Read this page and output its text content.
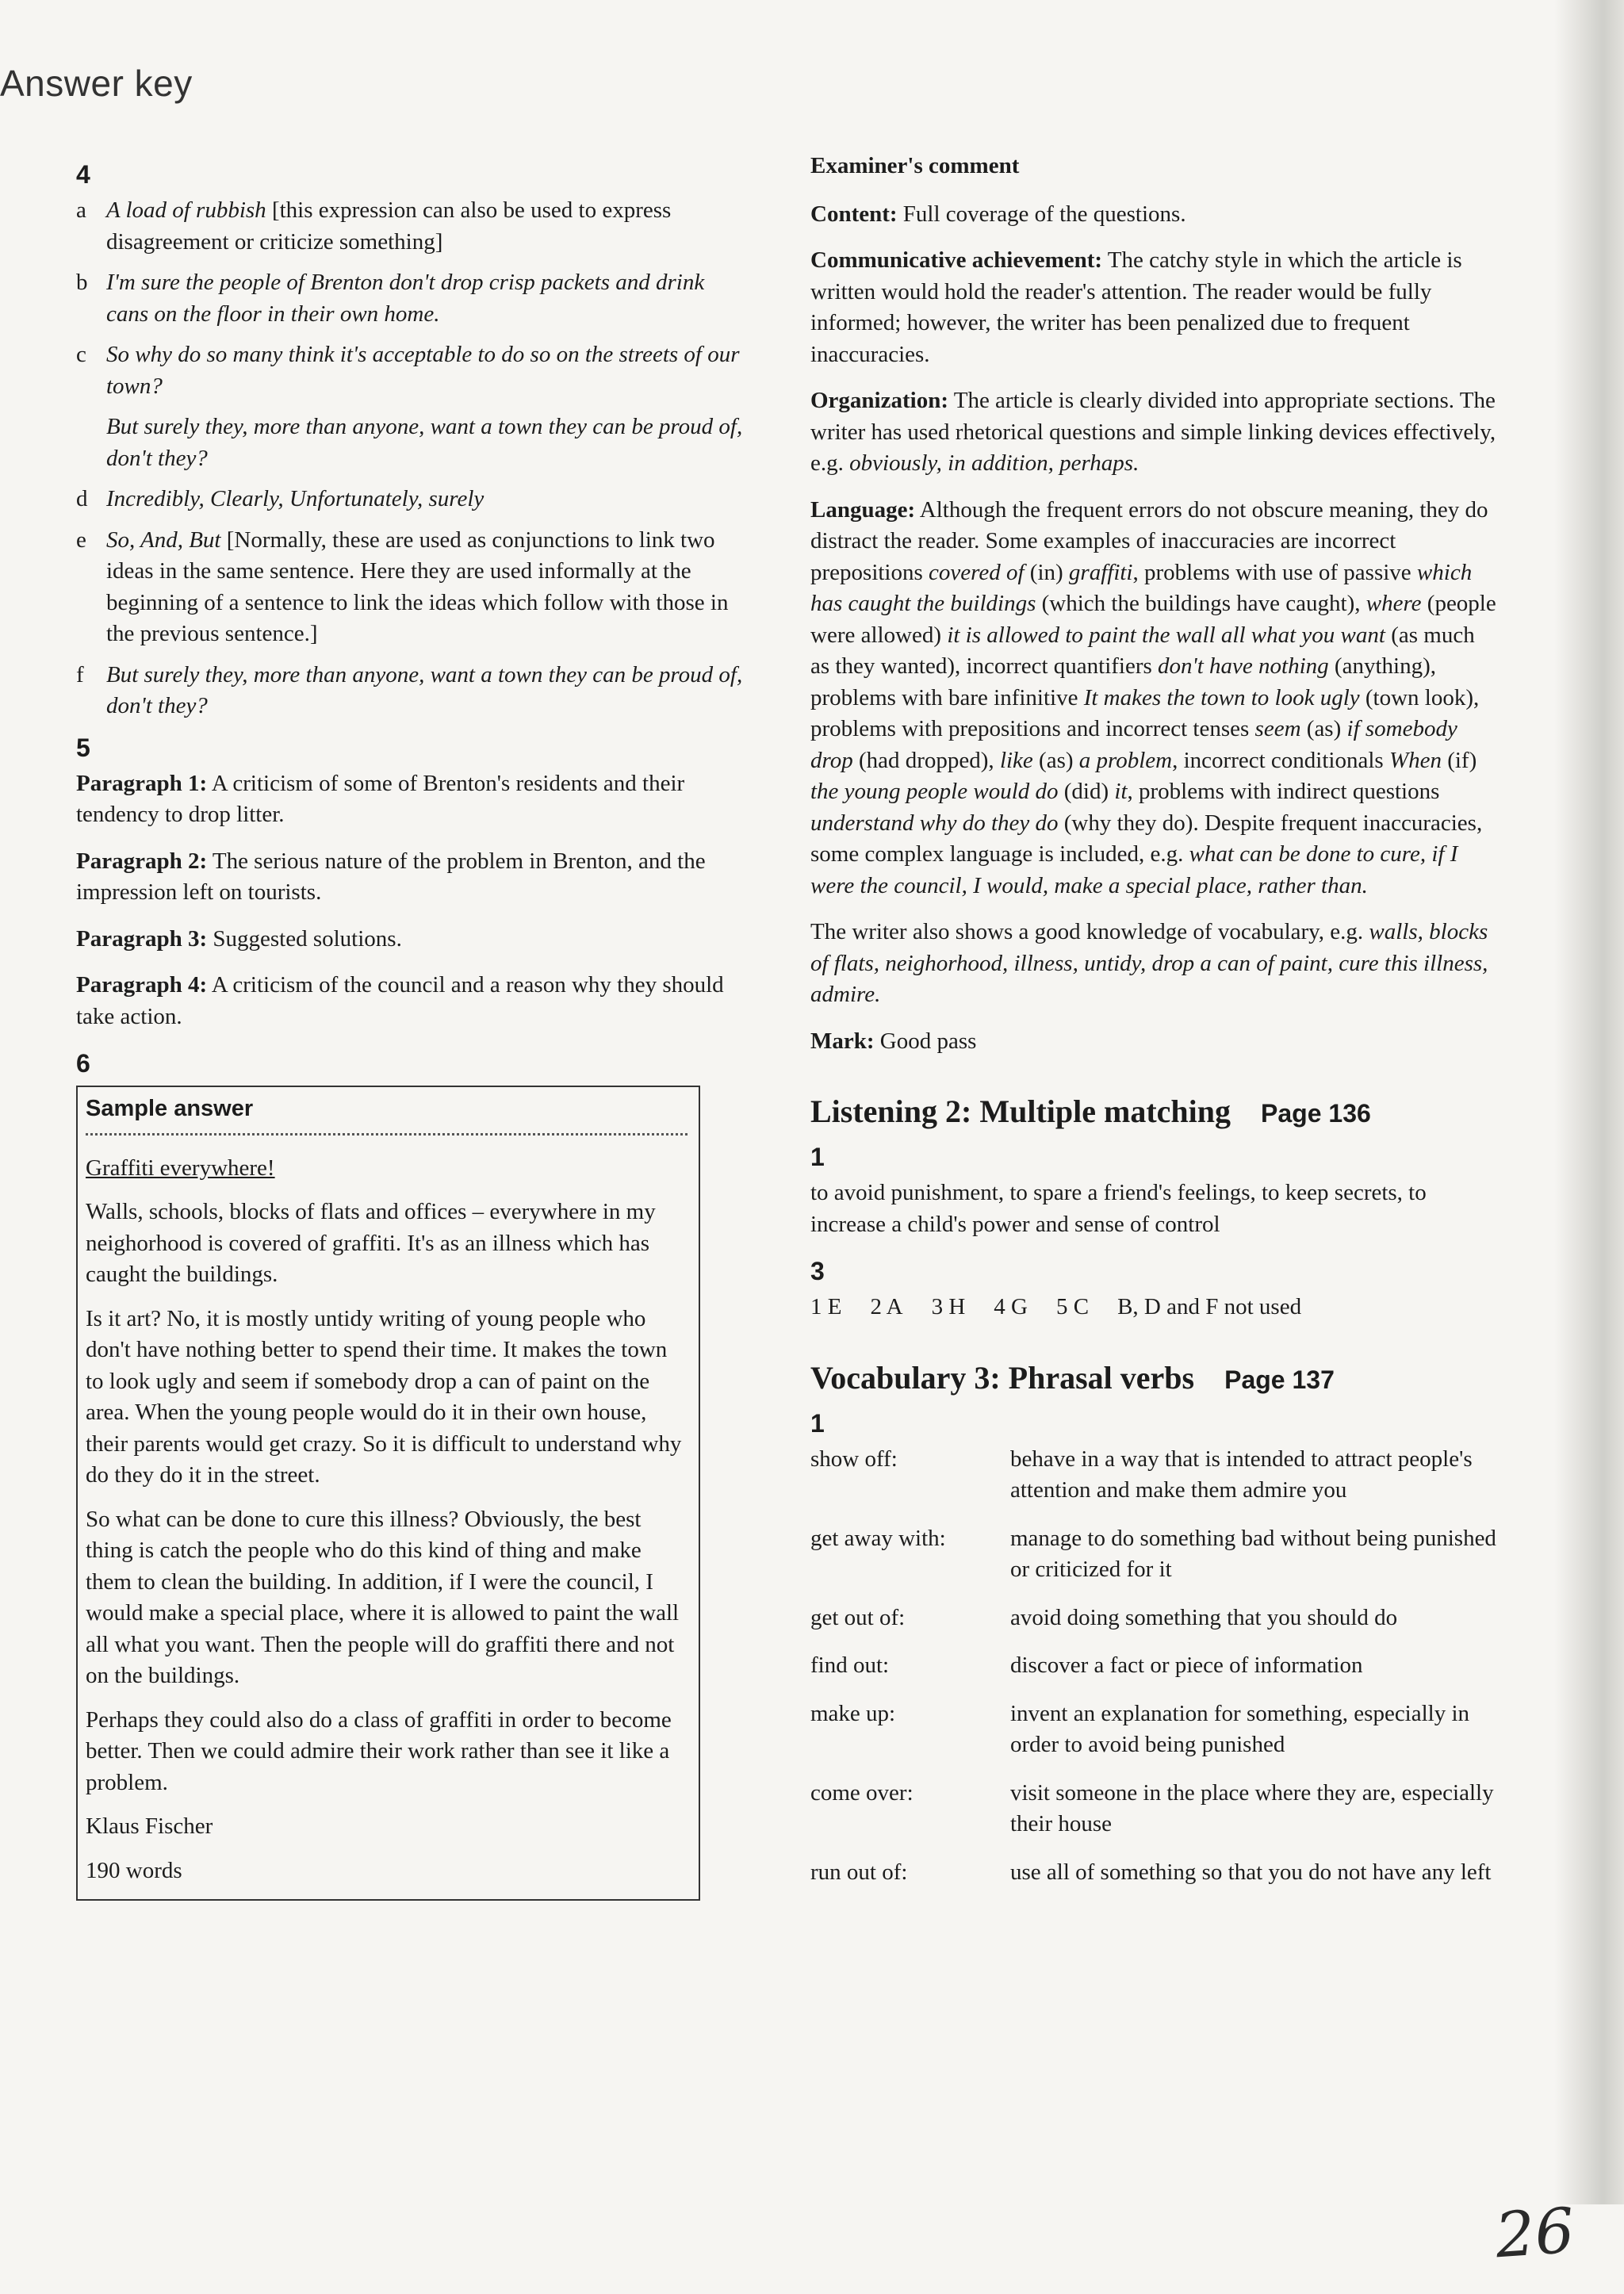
Answer key
4
a A load of rubbish [this expression can also be used to express disagreement or criticize something]
b I'm sure the people of Brenton don't drop crisp packets and drink cans on the floor in their own home.
c So why do so many think it's acceptable to do so on the streets of our town?

But surely they, more than anyone, want a town they can be proud of, don't they?

d Incredibly, Clearly, Unfortunately, surely
e So, And, But [Normally, these are used as conjunctions to link two ideas in the same sentence. Here they are used informally at the beginning of a sentence to link the ideas which follow with those in the previous sentence.]
f But surely they, more than anyone, want a town they can be proud of, don't they?
5
Paragraph 1: A criticism of some of Brenton's residents and their tendency to drop litter.
Paragraph 2: The serious nature of the problem in Brenton, and the impression left on tourists.
Paragraph 3: Suggested solutions.
Paragraph 4: A criticism of the council and a reason why they should take action.
6
Sample answer
Graffiti everywhere!

Walls, schools, blocks of flats and offices – everywhere in my neighorhood is covered of graffiti. It's as an illness which has caught the buildings.

Is it art? No, it is mostly untidy writing of young people who don't have nothing better to spend their time. It makes the town to look ugly and seem if somebody drop a can of paint on the area. When the young people would do it in their own house, their parents would get crazy. So it is difficult to understand why do they do it in the street.

So what can be done to cure this illness? Obviously, the best thing is catch the people who do this kind of thing and make them to clean the building. In addition, if I were the council, I would make a special place, where it is allowed to paint the wall all what you want. Then the people will do graffiti there and not on the buildings.

Perhaps they could also do a class of graffiti in order to become better. Then we could admire their work rather than see it like a problem.

Klaus Fischer

190 words

Examiner's comment

Content: Full coverage of the questions.

Communicative achievement: The catchy style in which the article is written would hold the reader's attention. The reader would be fully informed; however, the writer has been penalized due to frequent inaccuracies.

Organization: The article is clearly divided into appropriate sections. The writer has used rhetorical questions and simple linking devices effectively, e.g. obviously, in addition, perhaps.

Language: Although the frequent errors do not obscure meaning, they do distract the reader. Some examples of inaccuracies are incorrect prepositions covered of (in) graffiti, problems with use of passive which has caught the buildings (which the buildings have caught), where (people were allowed) it is allowed to paint the wall all what you want (as much as they wanted), incorrect quantifiers don't have nothing (anything), problems with bare infinitive It makes the town to look ugly (town look), problems with prepositions and incorrect tenses seem (as) if somebody drop (had dropped), like (as) a problem, incorrect conditionals When (if) the young people would do (did) it, problems with indirect questions understand why do they do (why they do). Despite frequent inaccuracies, some complex language is included, e.g. what can be done to cure, if I were the council, I would, make a special place, rather than.

The writer also shows a good knowledge of vocabulary, e.g. walls, blocks of flats, neighorhood, illness, untidy, drop a can of paint, cure this illness, admire.

Mark: Good pass

Listening 2: Multiple matching Page 136
1

to avoid punishment, to spare a friend's feelings, to keep secrets, to increase a child's power and sense of control

3
1 E 2 A 3 H 4 G 5 C B, D and F not used
Vocabulary 3: Phrasal verbs Page 137
1
show off:	behave in a way that is intended to attract people's attention and make them admire you
get away with:	manage to do something bad without being punished or criticized for it
get out of:	avoid doing something that you should do
find out:	discover a fact or piece of information
make up:	invent an explanation for something, especially in order to avoid being punished
come over:	visit someone in the place where they are, especially their house
run out of:	use all of something so that you do not have any left
26
